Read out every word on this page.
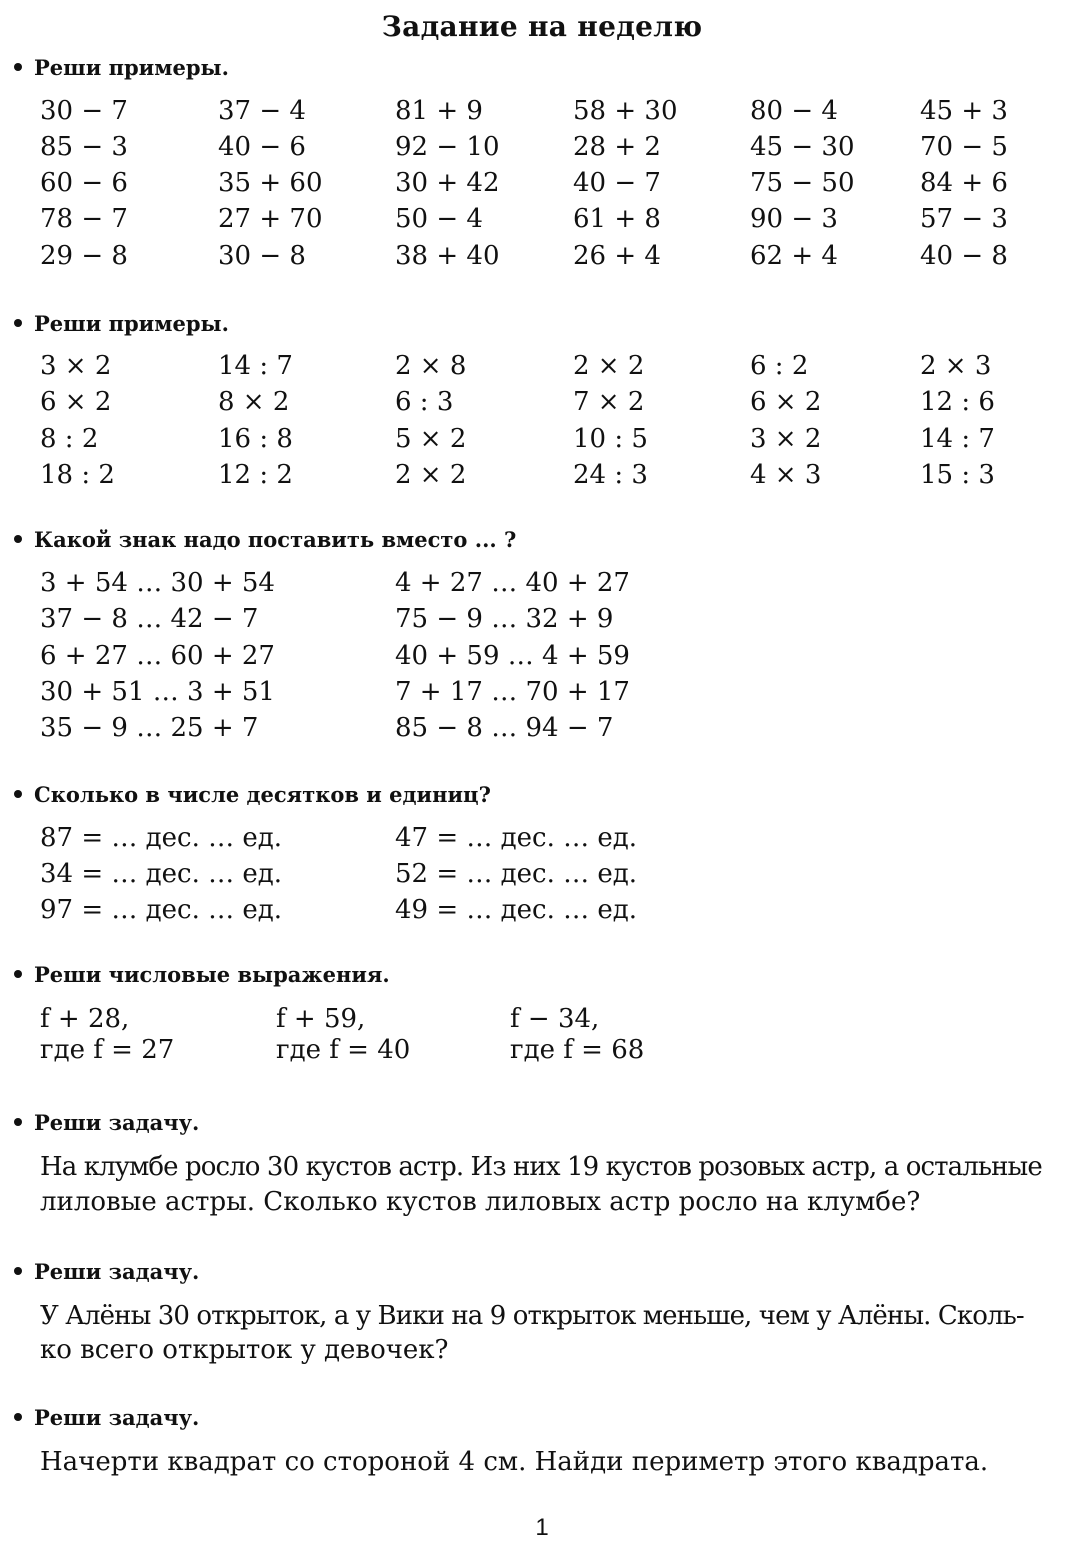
Задание на неделю
Реши примеры.
30 − 7	37 − 4	81 + 9	58 + 30	80 − 4	45 + 3
85 − 3	40 − 6	92 − 10	28 + 2	45 − 30	70 − 5
60 − 6	35 + 60	30 + 42	40 − 7	75 − 50	84 + 6
78 − 7	27 + 70	50 − 4	61 + 8	90 − 3	57 − 3
29 − 8	30 − 8	38 + 40	26 + 4	62 + 4	40 − 8
Реши примеры.
3 × 2	14 : 7	2 × 8	2 × 2	6 : 2	2 × 3
6 × 2	8 × 2	6 : 3	7 × 2	6 × 2	12 : 6
8 : 2	16 : 8	5 × 2	10 : 5	3 × 2	14 : 7
18 : 2	12 : 2	2 × 2	24 : 3	4 × 3	15 : 3
Какой знак надо поставить вместо ... ?
3 + 54 … 30 + 54	4 + 27 … 40 + 27
37 − 8 … 42 − 7	75 − 9 … 32 + 9
6 + 27 … 60 + 27	40 + 59 … 4 + 59
30 + 51 … 3 + 51	7 + 17 … 70 + 17
35 − 9 … 25 + 7	85 − 8 … 94 − 7
Сколько в числе десятков и единиц?
87 = … дес. … ед.	47 = … дес. … ед.
34 = … дес. … ед.	52 = … дес. … ед.
97 = … дес. … ед.	49 = … дес. … ед.
Реши числовые выражения.
f + 28,	f + 59,	f − 34,
где f = 27	где f = 40	где f = 68
Реши задачу.
На клумбе росло 30 кустов астр. Из них 19 кустов розовых астр, а остальные
лиловые астры. Сколько кустов лиловых астр росло на клумбе?
Реши задачу.
У Алёны 30 открыток, а у Вики на 9 открыток меньше, чем у Алёны. Сколь-
ко всего открыток у девочек?
Реши задачу.
Начерти квадрат со стороной 4 см. Найди периметр этого квадрата.
1
